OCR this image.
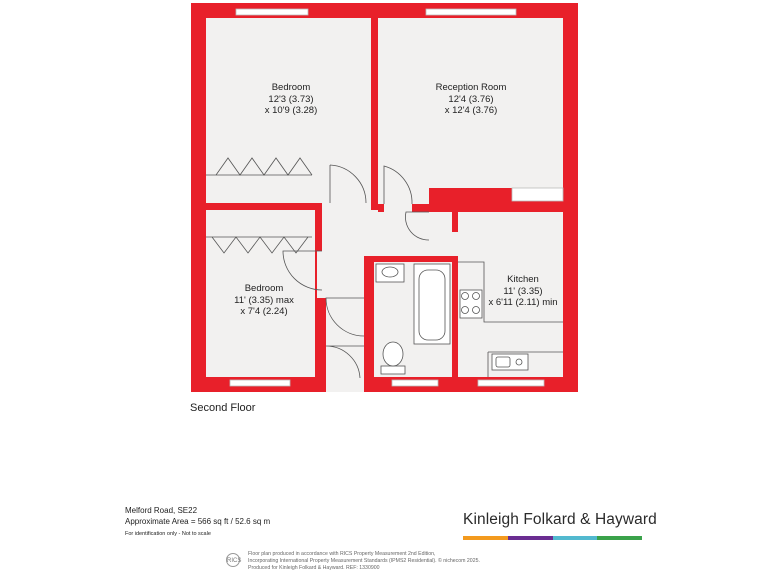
Bedroom
12'3 (3.73)
x 10'9 (3.28)
Reception Room
12'4 (3.76)
x 12'4 (3.76)
Bedroom
11' (3.35) max
x 7'4 (2.24)
Kitchen
11' (3.35)
x 6'11 (2.11) min
Second Floor
Melford Road, SE22
Approximate Area = 566 sq ft / 52.6 sq m
For identification only - Not to scale
Kinleigh Folkard & Hayward
RICS
Floor plan produced in accordance with RICS Property Measurement 2nd Edition,
Incorporating International Property Measurement Standards (IPMS2 Residential). © nichecom 2025.
Produced for Kinleigh Folkard & Hayward. REF: 1330900
